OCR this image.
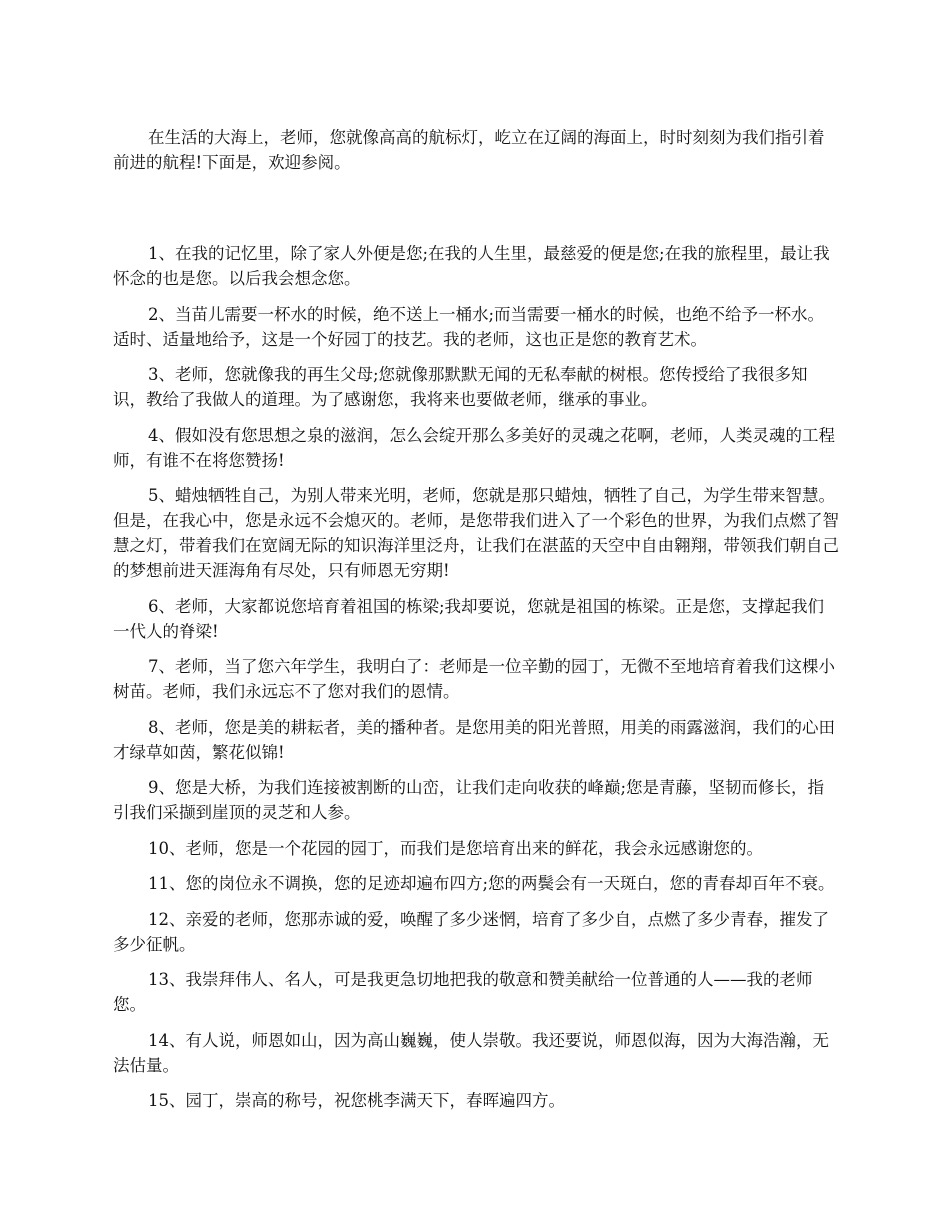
在生活的大海上，老师，您就像高高的航标灯，屹立在辽阔的海面上，时时刻刻为我们指引着前进的航程!下面是，欢迎参阅。

1、在我的记忆里，除了家人外便是您;在我的人生里，最慈爱的便是您;在我的旅程里，最让我怀念的也是您。以后我会想念您。

2、当苗儿需要一杯水的时候，绝不送上一桶水;而当需要一桶水的时候，也绝不给予一杯水。适时、适量地给予，这是一个好园丁的技艺。我的老师，这也正是您的教育艺术。

3、老师，您就像我的再生父母;您就像那默默无闻的无私奉献的树根。您传授给了我很多知识，教给了我做人的道理。为了感谢您，我将来也要做老师，继承的事业。

4、假如没有您思想之泉的滋润，怎么会绽开那么多美好的灵魂之花啊，老师，人类灵魂的工程师，有谁不在将您赞扬!

5、蜡烛牺牲自己，为别人带来光明，老师，您就是那只蜡烛，牺牲了自己，为学生带来智慧。但是，在我心中，您是永远不会熄灭的。老师，是您带我们进入了一个彩色的世界，为我们点燃了智慧之灯，带着我们在宽阔无际的知识海洋里泛舟，让我们在湛蓝的天空中自由翱翔，带领我们朝自己的梦想前进天涯海角有尽处，只有师恩无穷期!

6、老师，大家都说您培育着祖国的栋梁;我却要说，您就是祖国的栋梁。正是您，支撑起我们一代人的脊梁!

7、老师，当了您六年学生，我明白了：老师是一位辛勤的园丁，无微不至地培育着我们这棵小树苗。老师，我们永远忘不了您对我们的恩情。

8、老师，您是美的耕耘者，美的播种者。是您用美的阳光普照，用美的雨露滋润，我们的心田才绿草如茵，繁花似锦!

9、您是大桥，为我们连接被割断的山峦，让我们走向收获的峰巅;您是青藤，坚韧而修长，指引我们采撷到崖顶的灵芝和人参。

10、老师，您是一个花园的园丁，而我们是您培育出来的鲜花，我会永远感谢您的。

11、您的岗位永不调换，您的足迹却遍布四方;您的两鬓会有一天斑白，您的青春却百年不衰。

12、亲爱的老师，您那赤诚的爱，唤醒了多少迷惘，培育了多少自，点燃了多少青春，摧发了多少征帆。

13、我崇拜伟人、名人，可是我更急切地把我的敬意和赞美献给一位普通的人——我的老师您。

14、有人说，师恩如山，因为高山巍巍，使人崇敬。我还要说，师恩似海，因为大海浩瀚，无法估量。

15、园丁，崇高的称号，祝您桃李满天下，春晖遍四方。
